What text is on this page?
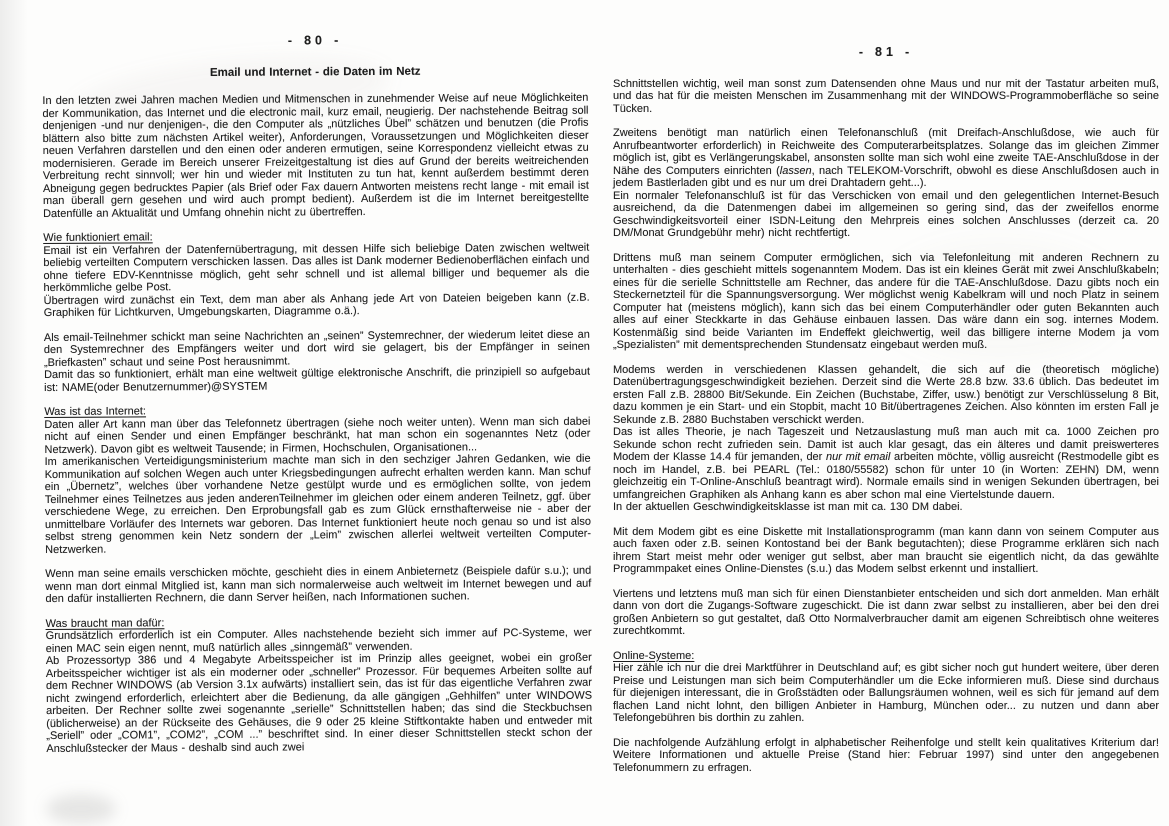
- 80 -
Email und Internet - die Daten im Netz
In den letzten zwei Jahren machen Medien und Mitmenschen in zunehmender Weise auf neue Möglichkeiten der Kommunikation, das Internet und die electronic mail, kurz email, neugierig. Der nachstehende Beitrag soll denjenigen -und nur denjenigen-, die den Computer als „nützliches Übel” schätzen und benutzen (die Profis blättern also bitte zum nächsten Artikel weiter), Anforderungen, Voraussetzungen und Möglichkeiten dieser neuen Verfahren darstellen und den einen oder anderen ermutigen, seine Korrespondenz vielleicht etwas zu modernisieren. Gerade im Bereich unserer Freizeitgestaltung ist dies auf Grund der bereits weitreichenden Verbreitung recht sinnvoll; wer hin und wieder mit Instituten zu tun hat, kennt außerdem bestimmt deren Abneigung gegen bedrucktes Papier (als Brief oder Fax dauern Antworten meistens recht lange - mit email ist man überall gern gesehen und wird auch prompt bedient). Außerdem ist die im Internet bereitgestellte Datenfülle an Aktualität und Umfang ohnehin nicht zu übertreffen.
Wie funktioniert email:
Email ist ein Verfahren der Datenfernübertragung, mit dessen Hilfe sich beliebige Daten zwischen weltweit beliebig verteilten Computern verschicken lassen. Das alles ist Dank moderner Bedienoberflächen einfach und ohne tiefere EDV-Kenntnisse möglich, geht sehr schnell und ist allemal billiger und bequemer als die herkömmliche gelbe Post.
Übertragen wird zunächst ein Text, dem man aber als Anhang jede Art von Dateien beigeben kann (z.B. Graphiken für Lichtkurven, Umgebungskarten, Diagramme o.ä.).
Als email-Teilnehmer schickt man seine Nachrichten an „seinen” Systemrechner, der wiederum leitet diese an den Systemrechner des Empfängers weiter und dort wird sie gelagert, bis der Empfänger in seinen „Briefkasten” schaut und seine Post herausnimmt.
Damit das so funktioniert, erhält man eine weltweit gültige elektronische Anschrift, die prinzipiell so aufgebaut ist: NAME(oder Benutzernummer)@SYSTEM
Was ist das Internet:
Daten aller Art kann man über das Telefonnetz übertragen (siehe noch weiter unten). Wenn man sich dabei nicht auf einen Sender und einen Empfänger beschränkt, hat man schon ein sogenanntes Netz (oder Netzwerk). Davon gibt es weltweit Tausende; in Firmen, Hochschulen, Organisationen...
Im amerikanischen Verteidigungsministerium machte man sich in den sechziger Jahren Gedanken, wie die Kommunikation auf solchen Wegen auch unter Kriegsbedingungen aufrecht erhalten werden kann. Man schuf ein „Übernetz”, welches über vorhandene Netze gestülpt wurde und es ermöglichen sollte, von jedem Teilnehmer eines Teilnetzes aus jeden anderenTeilnehmer im gleichen oder einem anderen Teilnetz, ggf. über verschiedene Wege, zu erreichen. Den Erprobungsfall gab es zum Glück ernsthafterweise nie - aber der unmittelbare Vorläufer des Internets war geboren. Das Internet funktioniert heute noch genau so und ist also selbst streng genommen kein Netz sondern der „Leim” zwischen allerlei weltweit verteilten Computer-Netzwerken.
Wenn man seine emails verschicken möchte, geschieht dies in einem Anbieternetz (Beispiele dafür s.u.); und wenn man dort einmal Mitglied ist, kann man sich normalerweise auch weltweit im Internet bewegen und auf den dafür installierten Rechnern, die dann Server heißen, nach Informationen suchen.
Was braucht man dafür:
Grundsätzlich erforderlich ist ein Computer. Alles nachstehende bezieht sich immer auf PC-Systeme, wer einen MAC sein eigen nennt, muß natürlich alles „sinngemäß” verwenden.
Ab Prozessortyp 386 und 4 Megabyte Arbeitsspeicher ist im Prinzip alles geeignet, wobei ein großer Arbeitsspeicher wichtiger ist als ein moderner oder „schneller” Prozessor. Für bequemes Arbeiten sollte auf dem Rechner WINDOWS (ab Version 3.1x aufwärts) installiert sein, das ist für das eigentliche Verfahren zwar nicht zwingend erforderlich, erleichtert aber die Bedienung, da alle gängigen „Gehhilfen” unter WINDOWS arbeiten. Der Rechner sollte zwei sogenannte „serielle” Schnittstellen haben; das sind die Steckbuchsen (üblicherweise) an der Rückseite des Gehäuses, die 9 oder 25 kleine Stiftkontakte haben und entweder mit „Seriell” oder „COM1”, „COM2”, „COM ...” beschriftet sind. In einer dieser Schnittstellen steckt schon der Anschlußstecker der Maus - deshalb sind auch zwei
- 81 -
Schnittstellen wichtig, weil man sonst zum Datensenden ohne Maus und nur mit der Tastatur arbeiten muß, und das hat für die meisten Menschen im Zusammenhang mit der WINDOWS-Programmoberfläche so seine Tücken.
Zweitens benötigt man natürlich einen Telefonanschluß (mit Dreifach-Anschlußdose, wie auch für Anrufbeantworter erforderlich) in Reichweite des Computerarbeitsplatzes. Solange das im gleichen Zimmer möglich ist, gibt es Verlängerungskabel, ansonsten sollte man sich wohl eine zweite TAE-Anschlußdose in der Nähe des Computers einrichten (lassen, nach TELEKOM-Vorschrift, obwohl es diese Anschlußdosen auch in jedem Bastlerladen gibt und es nur um drei Drahtadern geht...).
Ein normaler Telefonanschluß ist für das Verschicken von email und den gelegentlichen Internet-Besuch ausreichend, da die Datenmengen dabei im allgemeinen so gering sind, das der zweifellos enorme Geschwindigkeitsvorteil einer ISDN-Leitung den Mehrpreis eines solchen Anschlusses (derzeit ca. 20 DM/Monat Grundgebühr mehr) nicht rechtfertigt.
Drittens muß man seinem Computer ermöglichen, sich via Telefonleitung mit anderen Rechnern zu unterhalten - dies geschieht mittels sogenanntem Modem. Das ist ein kleines Gerät mit zwei Anschlußkabeln; eines für die serielle Schnittstelle am Rechner, das andere für die TAE-Anschlußdose. Dazu gibts noch ein Steckernetzteil für die Spannungsversorgung. Wer möglichst wenig Kabelkram will und noch Platz in seinem Computer hat (meistens möglich), kann sich das bei einem Computerhändler oder guten Bekannten auch alles auf einer Steckkarte in das Gehäuse einbauen lassen. Das wäre dann ein sog. internes Modem. Kostenmäßig sind beide Varianten im Endeffekt gleichwertig, weil das billigere interne Modem ja vom „Spezialisten” mit dementsprechenden Stundensatz eingebaut werden muß.
Modems werden in verschiedenen Klassen gehandelt, die sich auf die (theoretisch mögliche) Datenübertragungsgeschwindigkeit beziehen. Derzeit sind die Werte 28.8 bzw. 33.6 üblich. Das bedeutet im ersten Fall z.B. 28800 Bit/Sekunde. Ein Zeichen (Buchstabe, Ziffer, usw.) benötigt zur Verschlüsselung 8 Bit, dazu kommen je ein Start- und ein Stopbit, macht 10 Bit/übertragenes Zeichen. Also könnten im ersten Fall je Sekunde z.B. 2880 Buchstaben verschickt werden.
Das ist alles Theorie, je nach Tageszeit und Netzauslastung muß man auch mit ca. 1000 Zeichen pro Sekunde schon recht zufrieden sein. Damit ist auch klar gesagt, das ein älteres und damit preiswerteres Modem der Klasse 14.4 für jemanden, der nur mit email arbeiten möchte, völlig ausreicht (Restmodelle gibt es noch im Handel, z.B. bei PEARL (Tel.: 0180/55582) schon für unter 10 (in Worten: ZEHN) DM, wenn gleichzeitig ein T-Online-Anschluß beantragt wird). Normale emails sind in wenigen Sekunden übertragen, bei umfangreichen Graphiken als Anhang kann es aber schon mal eine Viertelstunde dauern.
In der aktuellen Geschwindigkeitsklasse ist man mit ca. 130 DM dabei.
Mit dem Modem gibt es eine Diskette mit Installationsprogramm (man kann dann von seinem Computer aus auch faxen oder z.B. seinen Kontostand bei der Bank begutachten); diese Programme erklären sich nach ihrem Start meist mehr oder weniger gut selbst, aber man braucht sie eigentlich nicht, da das gewählte Programmpaket eines Online-Dienstes (s.u.) das Modem selbst erkennt und installiert.
Viertens und letztens muß man sich für einen Dienstanbieter entscheiden und sich dort anmelden. Man erhält dann von dort die Zugangs-Software zugeschickt. Die ist dann zwar selbst zu installieren, aber bei den drei großen Anbietern so gut gestaltet, daß Otto Normalverbraucher damit am eigenen Schreibtisch ohne weiteres zurechtkommt.
Online-Systeme:
Hier zähle ich nur die drei Marktführer in Deutschland auf; es gibt sicher noch gut hundert weitere, über deren Preise und Leistungen man sich beim Computerhändler um die Ecke informieren muß. Diese sind durchaus für diejenigen interessant, die in Großstädten oder Ballungsräumen wohnen, weil es sich für jemand auf dem flachen Land nicht lohnt, den billigen Anbieter in Hamburg, München oder... zu nutzen und dann aber Telefongebühren bis dorthin zu zahlen.
Die nachfolgende Aufzählung erfolgt in alphabetischer Reihenfolge und stellt kein qualitatives Kriterium dar! Weitere Informationen und aktuelle Preise (Stand hier: Februar 1997) sind unter den angegebenen Telefonummern zu erfragen.
